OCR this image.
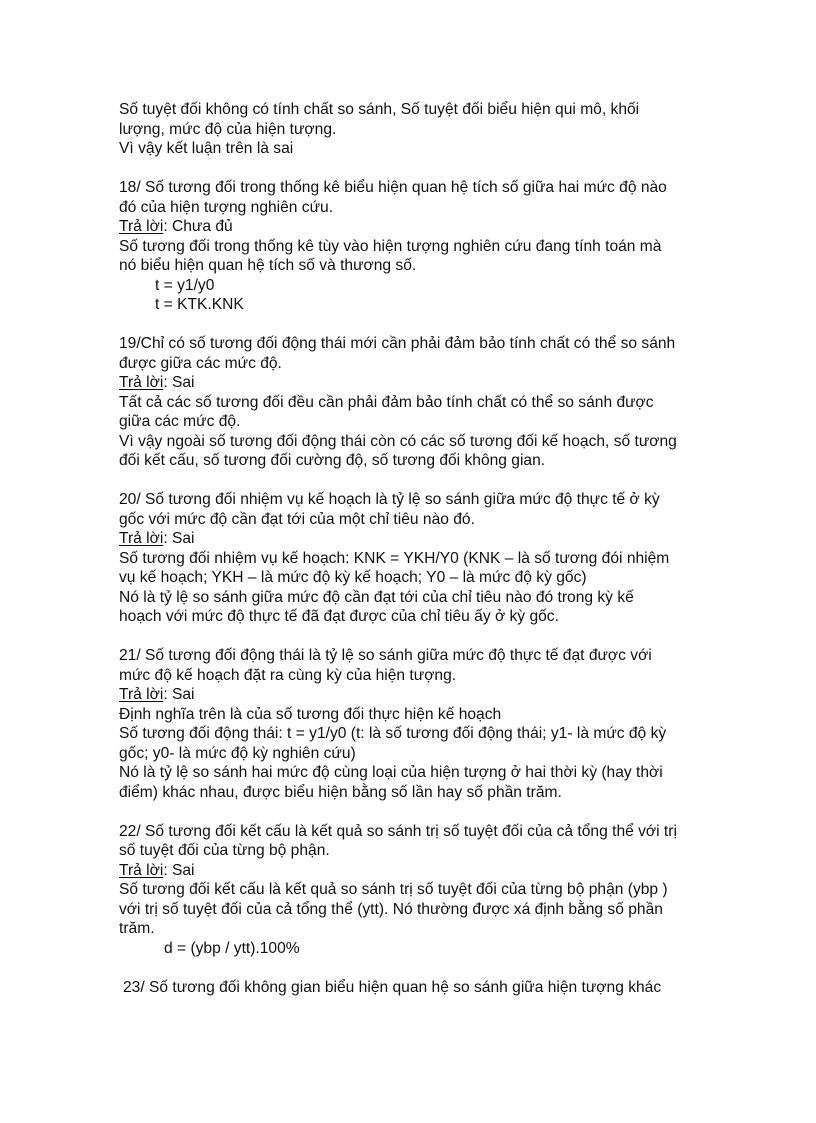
Số tuyệt đối không có tính chất so sánh, Số tuyệt đối biểu hiện qui mô, khối
lượng, mức độ của hiện tượng.
Vì vậy kết luận trên là sai
18/ Số tương đối trong thống kê biểu hiện quan hệ tích số giữa hai mức độ nào
đó của hiện tượng nghiên cứu.
Trả lời: Chưa đủ
Số tương đối trong thống kê tùy vào hiện tượng nghiên cứu đang tính toán mà
nó biểu hiện quan hệ tích số và thương số.
t = y1/y0
t = KTK.KNK
19/Chỉ có số tương đối động thái mới cần phải đảm bảo tính chất có thể so sánh
được giữa các mức độ.
Trả lời: Sai
Tất cả các số tương đối đều cần phải đảm bảo tính chất có thể so sánh được
giữa các mức độ.
Vì vậy ngoài số tương đối động thái còn có các số tương đối kế hoạch, số tương
đối kết cấu, số tương đối cường độ, số tương đối không gian.
20/ Số tương đối nhiệm vụ kế hoạch là tỷ lệ so sánh giữa mức độ thực tế ở kỳ
gốc với mức độ cần đạt tới của một chỉ tiêu nào đó.
Trả lời: Sai
Số tương đối nhiệm vụ kế hoạch: KNK = YKH/Y0 (KNK – là số tương đói nhiệm
vụ kế hoạch; YKH – là mức độ kỳ kế hoạch; Y0 – là mức độ kỳ gốc)
Nó là tỷ lệ so sánh giữa mức độ cần đạt tới của chỉ tiêu nào đó trong kỳ kế
hoạch với mức độ thực tế đã đạt được của chỉ tiêu ấy ở kỳ gốc.
21/ Số tương đối động thái là tỷ lệ so sánh giữa mức độ thực tế đạt được với
mức độ kế hoạch đặt ra cùng kỳ của hiện tượng.
Trả lời: Sai
Định nghĩa trên là của số tương đối thực hiện kế hoạch
Số tương đối động thái: t = y1/y0 (t: là số tương đối động thái; y1- là mức độ kỳ
gốc; y0- là mức độ kỳ nghiên cứu)
Nó là tỷ lệ so sánh hai mức độ cùng loại của hiện tượng ở hai thời kỳ (hay thời
điểm) khác nhau, được biểu hiện bằng số lần hay số phần trăm.
22/ Số tương đối kết cấu là kết quả so sánh trị số tuyệt đối của cả tổng thể với trị
số tuyệt đối của từng bộ phận.
Trả lời: Sai
Số tương đối kết cấu là kết quả so sánh trị số tuyệt đối của từng bộ phận (ybp )
với trị số tuyệt đối của cả tổng thể (ytt). Nó thường được xá định bằng số phần
trăm.
d = (ybp / ytt).100%
23/ Số tương đối không gian biểu hiện quan hệ so sánh giữa hiện tượng khác
